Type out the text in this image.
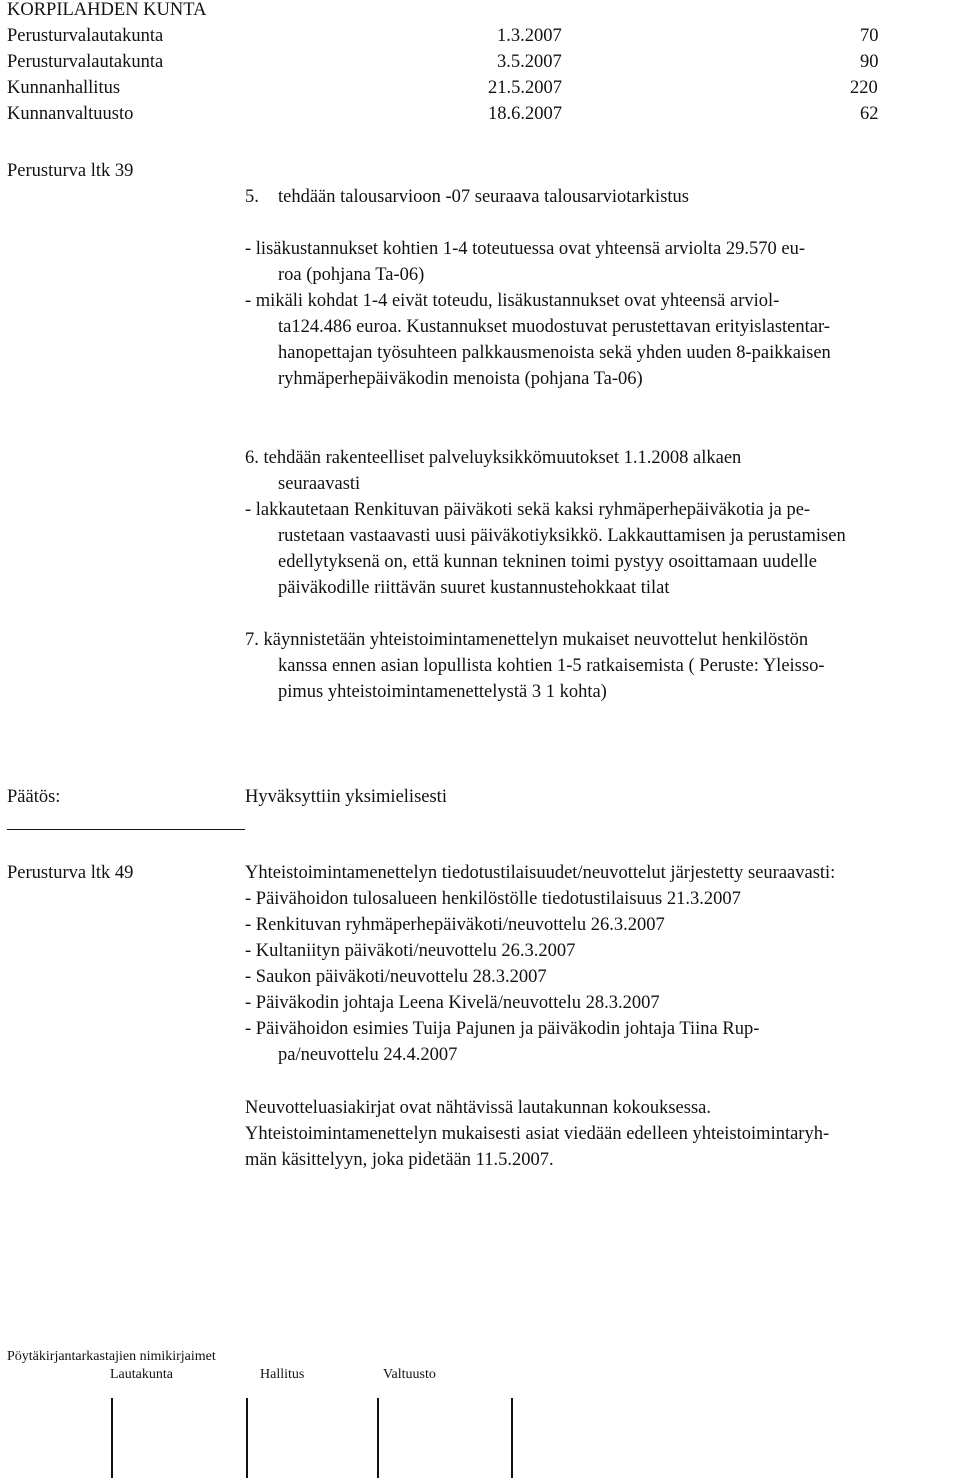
KORPILAHDEN KUNTA
Perusturvalautakunta	1.3.2007	70
Perusturvalautakunta	3.5.2007	90
Kunnanhallitus	21.5.2007	220
Kunnanvaltuusto	18.6.2007	62
Perusturva ltk 39
5. tehdään talousarvioon -07 seuraava talousarviotarkistus
- lisäkustannukset kohtien 1-4 toteutuessa ovat yhteensä arviolta 29.570 eu-
roa (pohjana Ta-06)
- mikäli kohdat 1-4 eivät toteudu, lisäkustannukset ovat yhteensä arviol-
ta124.486 euroa. Kustannukset muodostuvat perustettavan erityislastentar-
hanopettajan työsuhteen palkkausmenoista sekä yhden uuden 8-paikkaisen
ryhmäperhepäiväkodin menoista (pohjana Ta-06)
6. tehdään rakenteelliset palveluyksikkömuutokset 1.1.2008 alkaen
seuraavasti
- lakkautetaan Renkituvan päiväkoti sekä kaksi ryhmäperhepäiväkotia ja pe-
rustetaan vastaavasti uusi päiväkotiyksikkö. Lakkauttamisen ja perustamisen
edellytyksenä on, että kunnan tekninen toimi pystyy osoittamaan uudelle
päiväkodille riittävän suuret kustannustehokkaat tilat
7. käynnistetään yhteistoimintamenettelyn mukaiset neuvottelut henkilöstön
kanssa ennen asian lopullista kohtien 1-5 ratkaisemista ( Peruste: Yleisso-
pimus yhteistoimintamenettelystä 3 1 kohta)
Päätös:	Hyväksyttiin yksimielisesti
Perusturva ltk 49	Yhteistoimintamenettelyn tiedotustilaisuudet/neuvottelut järjestetty seuraavasti:
- Päivähoidon tulosalueen henkilöstölle tiedotustilaisuus 21.3.2007
- Renkituvan ryhmäperhepäiväkoti/neuvottelu 26.3.2007
- Kultaniityn päiväkoti/neuvottelu 26.3.2007
- Saukon päiväkoti/neuvottelu 28.3.2007
- Päiväkodin johtaja Leena Kivelä/neuvottelu 28.3.2007
- Päivähoidon esimies Tuija Pajunen ja päiväkodin johtaja Tiina Rup-
pa/neuvottelu 24.4.2007
Neuvotteluasiakirjat ovat nähtävissä lautakunnan kokouksessa.
Yhteistoimintamenettelyn mukaisesti asiat viedään edelleen yhteistoimintaryh-
män käsittelyyn, joka pidetään 11.5.2007.
Pöytäkirjantarkastajien nimikirjaimet
Lautakunta	Hallitus	Valtuusto
